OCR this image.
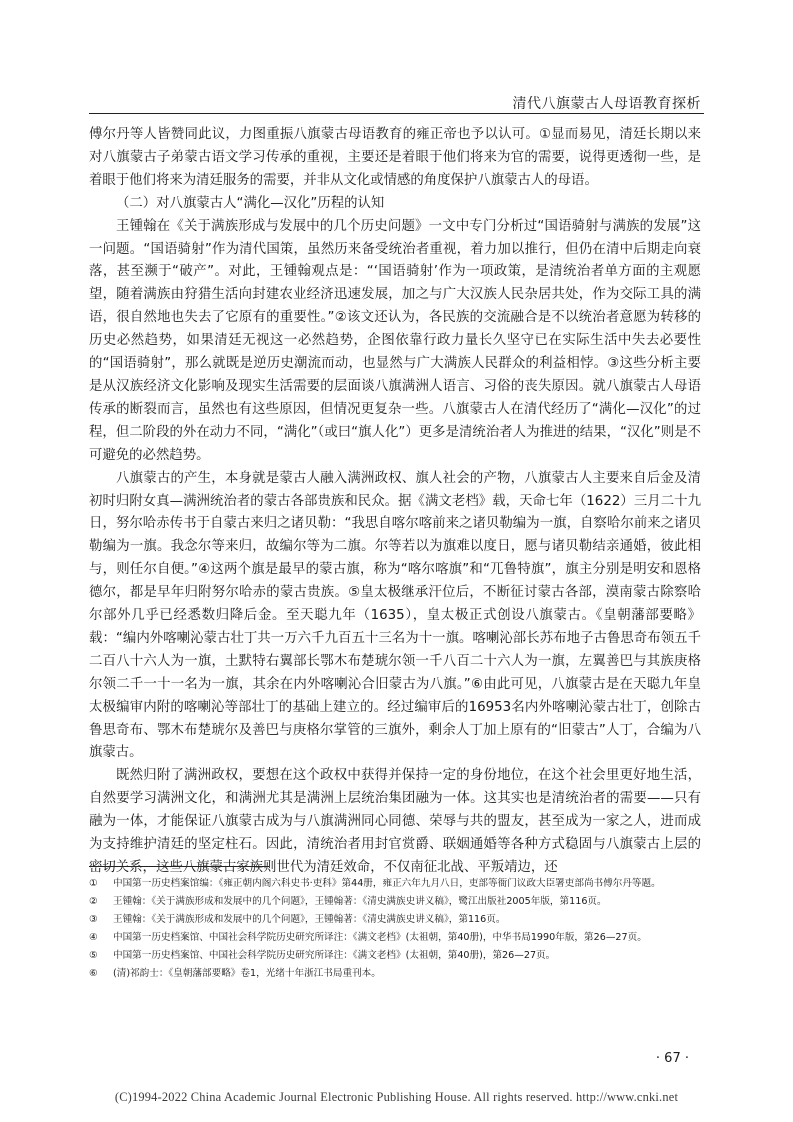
清代八旗蒙古人母语教育探析

傅尔丹等人皆赞同此议，力图重振八旗蒙古母语教育的雍正帝也予以认可。①显而易见，清廷长期以来对八旗蒙古子弟蒙古语文学习传承的重视，主要还是着眼于他们将来为官的需要，说得更透彻一些，是着眼于他们将来为清廷服务的需要，并非从文化或情感的角度保护八旗蒙古人的母语。

（二）对八旗蒙古人“满化—汉化”历程的认知

王锺翰在《关于满族形成与发展中的几个历史问题》一文中专门分析过“国语骑射与满族的发展”这一问题。“国语骑射”作为清代国策，虽然历来备受统治者重视，着力加以推行，但仍在清中后期走向衰落，甚至濒于“破产”。对此，王锺翰观点是：“‘国语骑射’作为一项政策，是清统治者单方面的主观愿望，随着满族由狩猎生活向封建农业经济迅速发展，加之与广大汉族人民杂居共处，作为交际工具的满语，很自然地也失去了它原有的重要性。”②该文还认为，各民族的交流融合是不以统治者意愿为转移的历史必然趋势，如果清廷无视这一必然趋势，企图依靠行政力量长久坚守已在实际生活中失去必要性的“国语骑射”，那么就既是逆历史潮流而动，也显然与广大满族人民群众的利益相悖。③这些分析主要是从汉族经济文化影响及现实生活需要的层面谈八旗满洲人语言、习俗的丧失原因。就八旗蒙古人母语传承的断裂而言，虽然也有这些原因，但情况更复杂一些。八旗蒙古人在清代经历了“满化—汉化”的过程，但二阶段的外在动力不同，“满化”（或曰“旗人化”）更多是清统治者人为推进的结果，“汉化”则是不可避免的必然趋势。

八旗蒙古的产生，本身就是蒙古人融入满洲政权、旗人社会的产物，八旗蒙古人主要来自后金及清初时归附女真—满洲统治者的蒙古各部贵族和民众。据《满文老档》载，天命七年（1622）三月二十九日，努尔哈赤传书于自蒙古来归之诸贝勒：“我思自喀尔喀前来之诸贝勒编为一旗，自察哈尔前来之诸贝勒编为一旗。我念尔等来归，故编尔等为二旗。尔等若以为旗难以度日，愿与诸贝勒结亲通婚，彼此相与，则任尔自便。”④这两个旗是最早的蒙古旗，称为“喀尔喀旗”和“兀鲁特旗”，旗主分别是明安和恩格德尔，都是早年归附努尔哈赤的蒙古贵族。⑤皇太极继承汗位后，不断征讨蒙古各部，漠南蒙古除察哈尔部外几乎已经悉数归降后金。至天聪九年（1635），皇太极正式创设八旗蒙古。《皇朝藩部要略》载：“编内外喀喇沁蒙古壮丁共一万六千九百五十三名为十一旗。喀喇沁部长苏布地子古鲁思奇布领五千二百八十六人为一旗，土默特右翼部长鄂木布楚琥尔领一千八百二十六人为一旗，左翼善巴与其族庚格尔领二千一十一名为一旗，其余在内外喀喇沁合旧蒙古为八旗。”⑥由此可见，八旗蒙古是在天聪九年皇太极编审内附的喀喇沁等部壮丁的基础上建立的。经过编审后的16953名内外喀喇沁蒙古壮丁，创除古鲁思奇布、鄂木布楚琥尔及善巴与庚格尔掌管的三旗外，剩余人丁加上原有的“旧蒙古”人丁，合编为八旗蒙古。

既然归附了满洲政权，要想在这个政权中获得并保持一定的身份地位，在这个社会里更好地生活，自然要学习满洲文化，和满洲尤其是满洲上层统治集团融为一体。这其实也是清统治者的需要——只有融为一体，才能保证八旗蒙古成为与八旗满洲同心同德、荣辱与共的盟友，甚至成为一家之人，进而成为支持维护清廷的坚定柱石。因此，清统治者用封官赏爵、联姻通婚等各种方式稳固与八旗蒙古上层的密切关系，这些八旗蒙古家族则世代为清廷效命，不仅南征北战、平叛靖边，还

①	中国第一历史档案馆编：《雍正朝内阁六科史书·吏科》第44册，雍正六年九月八日，吏部等衙门议政大臣署吏部尚书傅尔丹等题。
②	王锺翰：《关于满族形成和发展中的几个问题》，王锺翰著：《清史满族史讲义稿》，鹭江出版社2005年版，第116页。
③	王锺翰：《关于满族形成和发展中的几个问题》，王锺翰著：《清史满族史讲义稿》，第116页。
④	中国第一历史档案馆、中国社会科学院历史研究所译注：《满文老档》(太祖朝，第40册)，中华书局1990年版，第26—27页。
⑤	中国第一历史档案馆、中国社会科学院历史研究所译注：《满文老档》(太祖朝，第40册)，第26—27页。
⑥	(清)祁韵士：《皇朝藩部要略》卷1，光绪十年浙江书局重刊本。
· 67 ·
(C)1994-2022 China Academic Journal Electronic Publishing House. All rights reserved. http://www.cnki.net
